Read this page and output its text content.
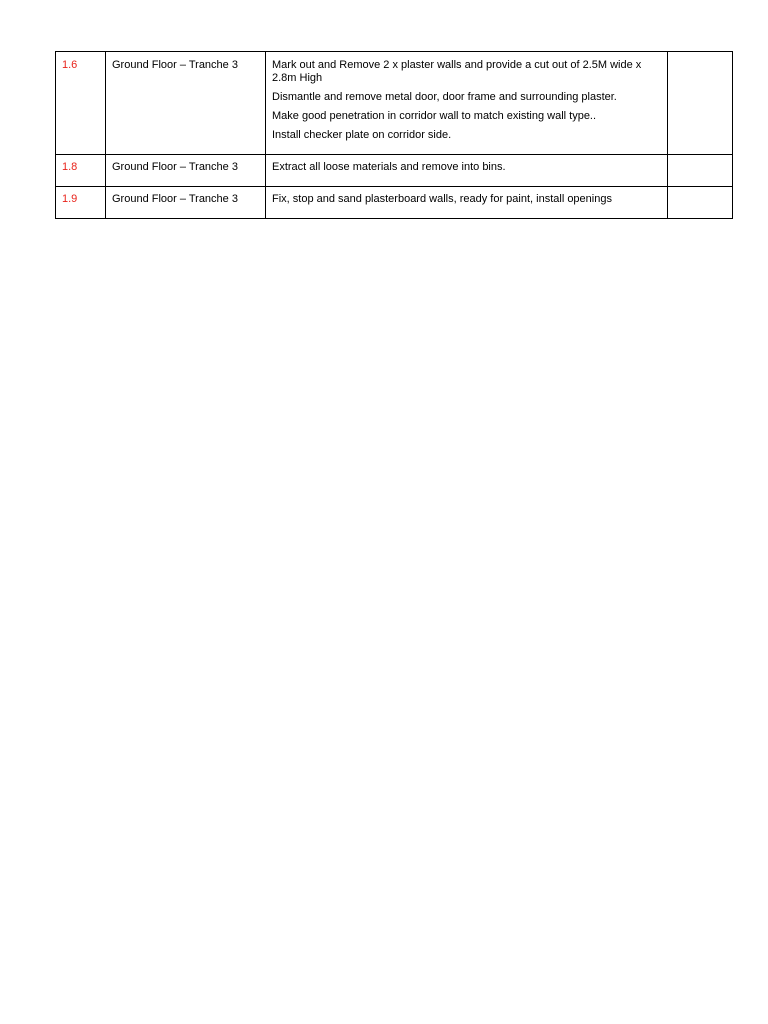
1.6	Ground Floor – Tranche 3	Mark out and Remove 2 x plaster walls and provide a cut out of 2.5M wide x 2.8m High
Dismantle and remove metal door, door frame and surrounding plaster.
Make good penetration in corridor wall to match existing wall type..
Install checker plate on corridor side.	

1.8	Ground Floor – Tranche 3	Extract all loose materials and remove into bins.	

1.9	Ground Floor – Tranche 3	Fix, stop and sand plasterboard walls, ready for paint, install openings	
